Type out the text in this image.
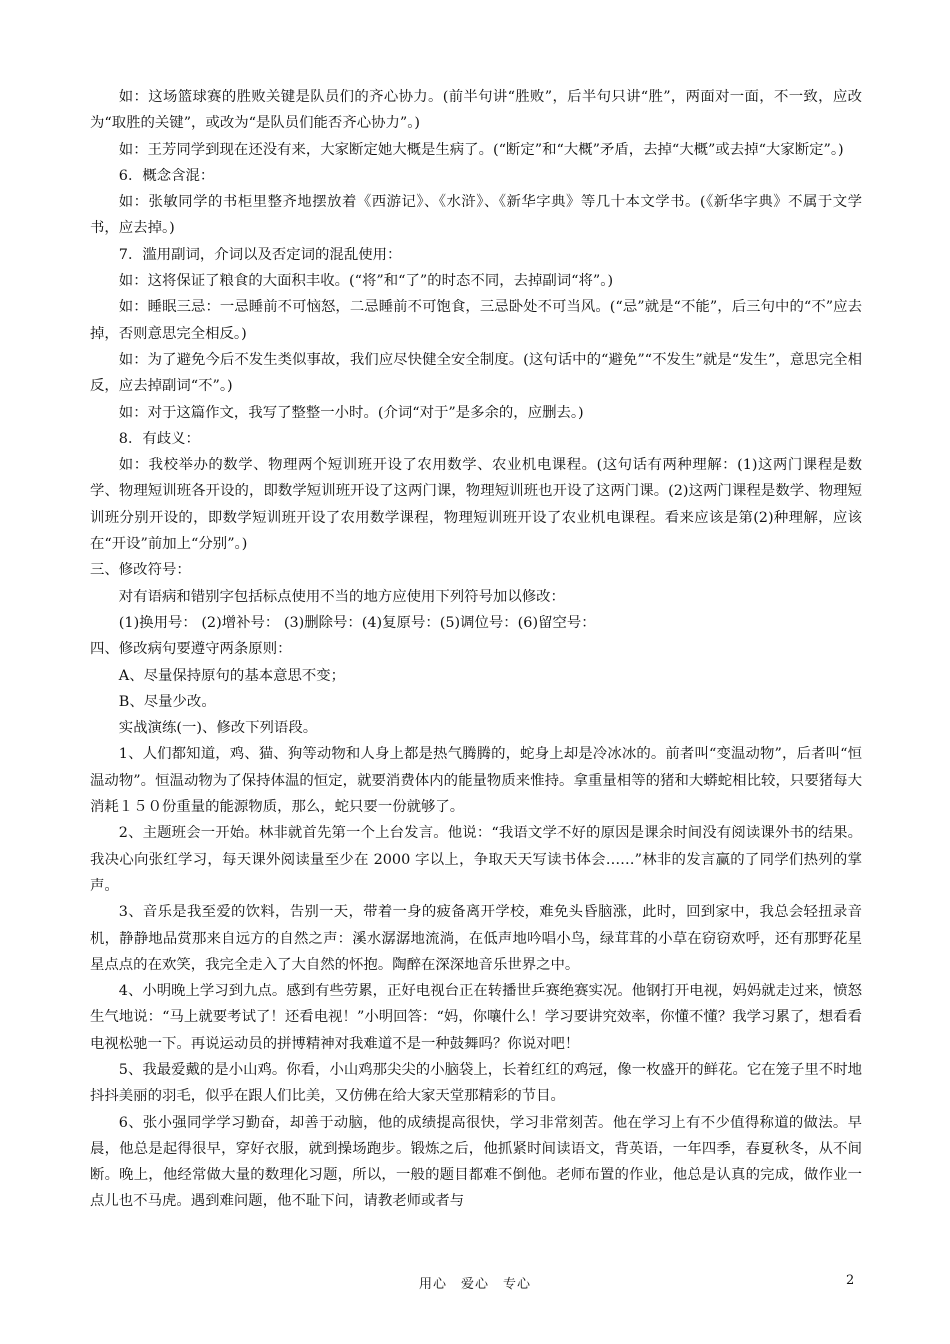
如：这场篮球赛的胜败关键是队员们的齐心协力。(前半句讲“胜败”，后半句只讲“胜”，两面对一面，不一致，应改为“取胜的关键”，或改为“是队员们能否齐心协力”。)

如：王芳同学到现在还没有来，大家断定她大概是生病了。(“断定”和“大概”矛盾，去掉“大概”或去掉“大家断定”。)

6．概念含混：

如：张敏同学的书柜里整齐地摆放着《西游记》、《水浒》、《新华字典》等几十本文学书。(《新华字典》不属于文学书，应去掉。)

7．滥用副词，介词以及否定词的混乱使用：

如：这将保证了粮食的大面积丰收。(“将”和“了”的时态不同，去掉副词“将”。)

如：睡眠三忌：一忌睡前不可恼怒，二忌睡前不可饱食，三忌卧处不可当风。(“忌”就是“不能”，后三句中的“不”应去掉，否则意思完全相反。)

如：为了避免今后不发生类似事故，我们应尽快健全安全制度。(这句话中的“避免”“不发生”就是“发生”，意思完全相反，应去掉副词“不”。)

如：对于这篇作文，我写了整整一小时。(介词“对于”是多余的，应删去。)

8．有歧义：

如：我校举办的数学、物理两个短训班开设了农用数学、农业机电课程。(这句话有两种理解：(1)这两门课程是数学、物理短训班各开设的，即数学短训班开设了这两门课，物理短训班也开设了这两门课。(2)这两门课程是数学、物理短训班分别开设的，即数学短训班开设了农用数学课程，物理短训班开设了农业机电课程。看来应该是第(2)种理解，应该在“开设”前加上“分别”。)

三、修改符号：

对有语病和错别字包括标点使用不当的地方应使用下列符号加以修改：

(1)换用号： (2)增补号： (3)删除号：(4)复原号：(5)调位号：(6)留空号：

四、修改病句要遵守两条原则：

A、尽量保持原句的基本意思不变；

B、尽量少改。

实战演练(一)、修改下列语段。

1、人们都知道，鸡、猫、狗等动物和人身上都是热气腾腾的，蛇身上却是冷冰冰的。前者叫“变温动物”，后者叫“恒温动物”。恒温动物为了保持体温的恒定，就要消费体内的能量物质来惟持。拿重量相等的猪和大蟒蛇相比较，只要猪每大消耗１５０份重量的能源物质，那么，蛇只要一份就够了。

2、主题班会一开始。林非就首先第一个上台发言。他说：“我语文学不好的原因是课余时间没有阅读课外书的结果。我决心向张红学习，每天课外阅读量至少在 2000 字以上，争取天天写读书体会……”林非的发言赢的了同学们热列的掌声。

3、音乐是我至爱的饮料，告别一天，带着一身的疲备离开学校，难免头昏脑涨，此时，回到家中，我总会轻扭录音机，静静地品赏那来自远方的自然之声：溪水潺潺地流淌，在低声地吟唱小鸟，绿茸茸的小草在窃窃欢呼，还有那野花星星点点的在欢笑，我完全走入了大自然的怀抱。陶醉在深深地音乐世界之中。

4、小明晚上学习到九点。感到有些劳累，正好电视台正在转播世乒赛绝赛实况。他钢打开电视，妈妈就走过来，愤怒生气地说：“马上就要考试了！还看电视！”小明回答：“妈，你嚷什么！学习要讲究效率，你懂不懂？我学习累了，想看看电视松驰一下。再说运动员的拼博精神对我难道不是一种鼓舞吗？你说对吧！

5、我最爱戴的是小山鸡。你看，小山鸡那尖尖的小脑袋上，长着红红的鸡冠，像一枚盛开的鲜花。它在笼子里不时地抖抖美丽的羽毛，似乎在跟人们比美，又仿佛在给大家天堂那精彩的节目。

6、张小强同学学习勤奋，却善于动脑，他的成绩提高很快，学习非常刻苦。他在学习上有不少值得称道的做法。早晨，他总是起得很早，穿好衣服，就到操场跑步。锻炼之后，他抓紧时间读语文，背英语，一年四季，春夏秋冬，从不间断。晚上，他经常做大量的数理化习题，所以，一般的题目都难不倒他。老师布置的作业，他总是认真的完成，做作业一点儿也不马虎。遇到难问题，他不耻下问，请教老师或者与

用心　爱心　专心	2
